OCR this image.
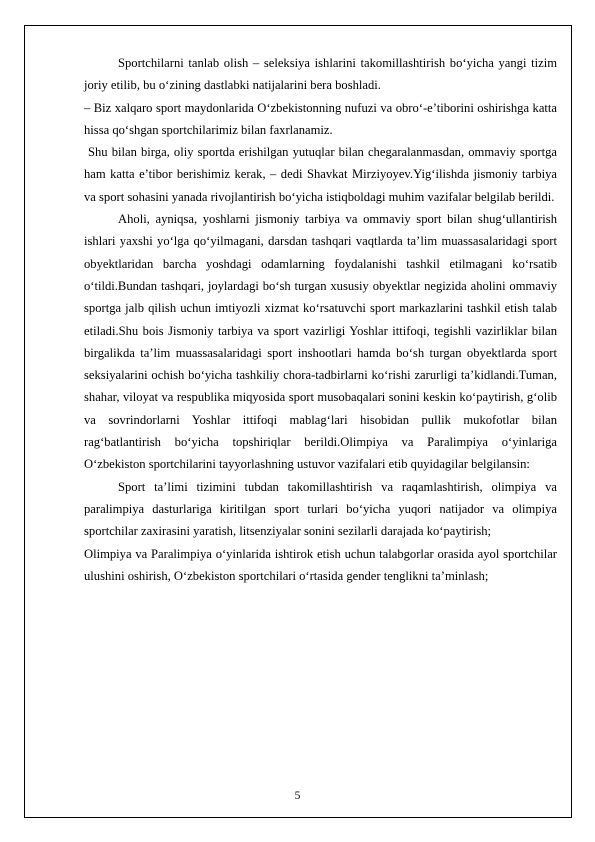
Sportchilarni tanlab olish – seleksiya ishlarini takomillashtirish bo‘yicha yangi tizim joriy etilib, bu o‘zining dastlabki natijalarini bera boshladi.

– Biz xalqaro sport maydonlarida O‘zbekistonning nufuzi va obro‘-e’tiborini oshirishga katta hissa qo‘shgan sportchilarimiz bilan faxrlanamiz.

Shu bilan birga, oliy sportda erishilgan yutuqlar bilan chegaralanmasdan, ommaviy sportga ham katta e’tibor berishimiz kerak, – dedi Shavkat Mirziyoyev.Yig‘ilishda jismoniy tarbiya va sport sohasini yanada rivojlantirish bo‘yicha istiqboldagi muhim vazifalar belgilab berildi.

Aholi, ayniqsa, yoshlarni jismoniy tarbiya va ommaviy sport bilan shug‘ullantirish ishlari yaxshi yo‘lga qo‘yilmagani, darsdan tashqari vaqtlarda ta’lim muassasalaridagi sport obyektlaridan barcha yoshdagi odamlarning foydalanishi tashkil etilmagani ko‘rsatib o‘tildi.Bundan tashqari, joylardagi bo‘sh turgan xususiy obyektlar negizida aholini ommaviy sportga jalb qilish uchun imtiyozli xizmat ko‘rsatuvchi sport markazlarini tashkil etish talab etiladi.Shu bois Jismoniy tarbiya va sport vazirligi Yoshlar ittifoqi, tegishli vazirliklar bilan birgalikda ta’lim muassasalaridagi sport inshootlari hamda bo‘sh turgan obyektlarda sport seksiyalarini ochish bo‘yicha tashkiliy chora-tadbirlarni ko‘rishi zarurligi ta’kidlandi.Tuman, shahar, viloyat va respublika miqyosida sport musobaqalari sonini keskin ko‘paytirish, g‘olib va sovrindorlarni Yoshlar ittifoqi mablag‘lari hisobidan pullik mukofotlar bilan rag‘batlantirish bo‘yicha topshiriqlar berildi.Olimpiya va Paralimpiya o‘yinlariga O‘zbekiston sportchilarini tayyorlashning ustuvor vazifalari etib quyidagilar belgilansin:

Sport ta’limi tizimini tubdan takomillashtirish va raqamlashtirish, olimpiya va paralimpiya dasturlariga kiritilgan sport turlari bo‘yicha yuqori natijador va olimpiya sportchilar zaxirasini yaratish, litsenziyalar sonini sezilarli darajada ko‘paytirish;

Olimpiya va Paralimpiya o‘yinlarida ishtirok etish uchun talabgorlar orasida ayol sportchilar ulushini oshirish, O‘zbekiston sportchilari o‘rtasida gender tenglikni ta’minlash;

5
